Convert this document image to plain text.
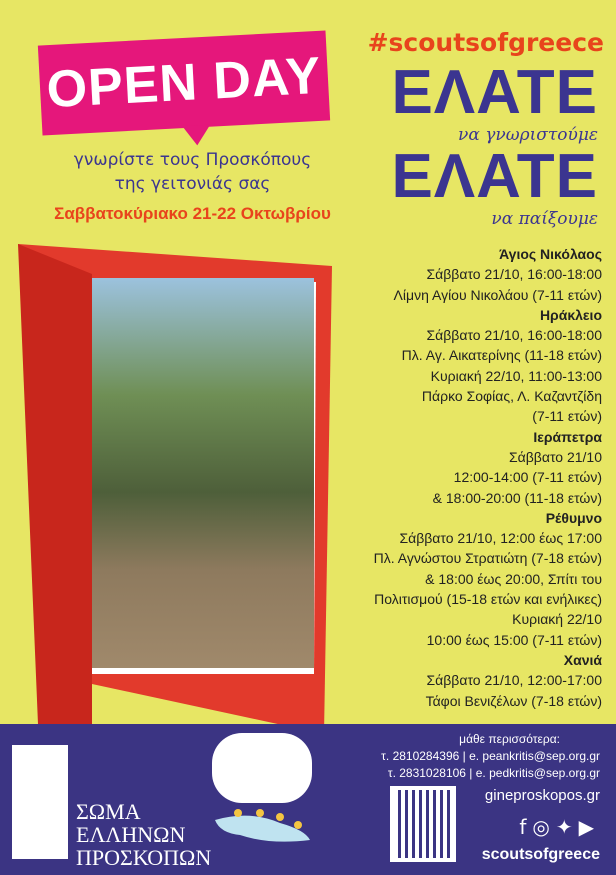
OPEN DAY
γνωρίστε τους Προσκόπους
της γειτονιάς σας
Σαββατοκύριακο 21-22 Οκτωβρίου
#scoutsofgreece
ΕΛΑΤΕ
να γνωριστούμε
ΕΛΑΤΕ
να παίξουμε
Άγιος Νικόλαος
Σάββατο 21/10, 16:00-18:00
Λίμνη Αγίου Νικολάου (7-11 ετών)
Ηράκλειο
Σάββατο 21/10, 16:00-18:00
Πλ. Αγ. Αικατερίνης (11-18 ετών)
Κυριακή 22/10, 11:00-13:00
Πάρκο Σοφίας, Λ. Καζαντζίδη
(7-11 ετών)
Ιεράπετρα
Σάββατο 21/10
12:00-14:00 (7-11 ετών)
& 18:00-20:00 (11-18 ετών)
Ρέθυμνο
Σάββατο 21/10, 12:00 έως 17:00
Πλ. Αγνώστου Στρατιώτη (7-18 ετών)
& 18:00 έως 20:00, Σπίτι του
Πολιτισμού (15-18 ετών και ενήλικες)
Κυριακή 22/10
10:00 έως 15:00 (7-11 ετών)
Χανιά
Σάββατο 21/10, 12:00-17:00
Τάφοι Βενιζέλων (7-18 ετών)
ΣΩΜΑ
ΕΛΛΗΝΩΝ
ΠΡΟΣΚΟΠΩΝ
μάθε περισσότερα:
τ. 2810284396 | e. peankritis@sep.org.gr
τ. 2831028106 | e. pedkritis@sep.org.gr
gineproskopos.gr
f◎✦▶
scoutsofgreece
